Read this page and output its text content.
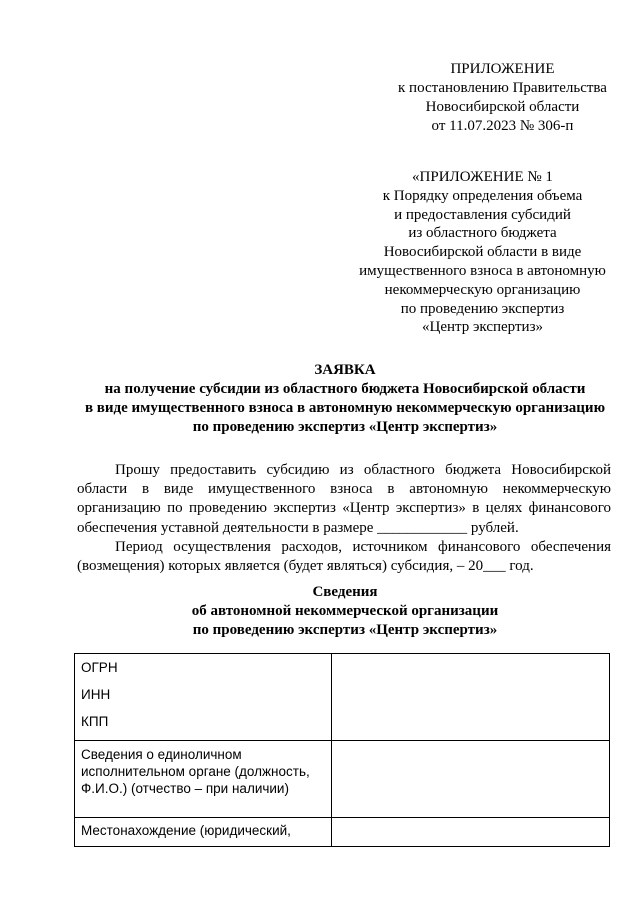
ПРИЛОЖЕНИЕ
к постановлению Правительства
Новосибирской области
от 11.07.2023 № 306-п
«ПРИЛОЖЕНИЕ № 1
к Порядку определения объема
и предоставления субсидий
из областного бюджета
Новосибирской области в виде
имущественного взноса в автономную
некоммерческую организацию
по проведению экспертиз
«Центр экспертиз»
ЗАЯВКА
на получение субсидии из областного бюджета Новосибирской области
в виде имущественного взноса в автономную некоммерческую организацию
по проведению экспертиз «Центр экспертиз»

Прошу предоставить субсидию из областного бюджета Новосибирской области в виде имущественного взноса в автономную некоммерческую организацию по проведению экспертиз «Центр экспертиз» в целях финансового обеспечения уставной деятельности в размере ____________ рублей.

Период осуществления расходов, источником финансового обеспечения (возмещения) которых является (будет являться) субсидия, – 20___ год.

Сведения
об автономной некоммерческой организации
по проведению экспертиз «Центр экспертиз»
ОГРН
ИНН
КПП	

Сведения о единоличном исполнительном органе (должность, Ф.И.О.) (отчество – при наличии)	
Местонахождение (юридический,	
